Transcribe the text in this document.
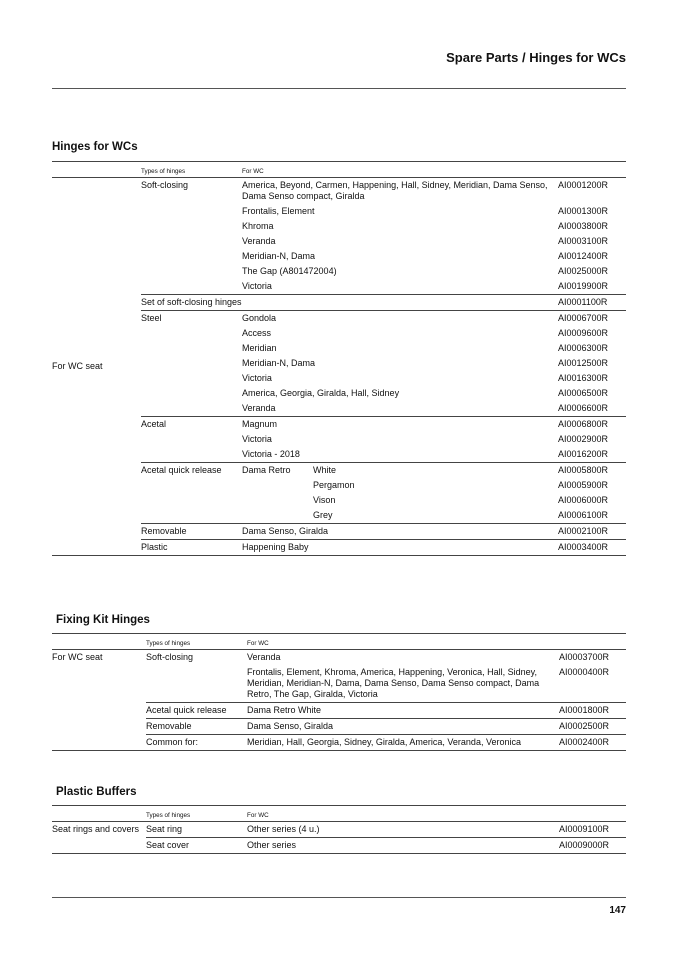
Spare Parts / Hinges for WCs
Hinges for WCs
	Types of hinges	For WC	
For WC seat	Soft-closing	America, Beyond, Carmen, Happening, Hall, Sidney, Meridian, Dama Senso, Dama Senso compact, Giralda	AI0001200R
		Frontalis, Element	AI0001300R
		Khroma	AI0003800R
		Veranda	AI0003100R
		Meridian-N, Dama	AI0012400R
		The Gap (A801472004)	AI0025000R
		Victoria	AI0019900R
	Set of soft-closing hinges		AI0001100R
	Steel	Gondola	AI0006700R
		Access	AI0009600R
		Meridian	AI0006300R
		Meridian-N, Dama	AI0012500R
		Victoria	AI0016300R
		America, Georgia, Giralda, Hall, Sidney	AI0006500R
		Veranda	AI0006600R
	Acetal	Magnum	AI0006800R
		Victoria	AI0002900R
		Victoria - 2018	AI0016200R
	Acetal quick release	Dama Retro White	AI0005800R

		Pergamon	AI0005900R

		Vison	AI0006000R

		Grey	AI0006100R
	Removable	Dama Senso, Giralda	AI0002100R
	Plastic	Happening Baby	AI0003400R
Fixing Kit Hinges
	Types of hinges	For WC	
For WC seat	Soft-closing	Veranda	AI0003700R
		Frontalis, Element, Khroma, America, Happening, Veronica, Hall, Sidney, Meridian, Meridian-N, Dama, Dama Senso, Dama Senso compact, Dama Retro, The Gap, Giralda, Victoria	AI0000400R
	Acetal quick release	Dama Retro White	AI0001800R
	Removable	Dama Senso, Giralda	AI0002500R
	Common for:	Meridian, Hall, Georgia, Sidney, Giralda, America, Veranda, Veronica	AI0002400R
Plastic Buffers
	Types of hinges	For WC	
Seat rings and covers	Seat ring	Other series (4 u.)	AI0009100R
	Seat cover	Other series	AI0009000R
147
